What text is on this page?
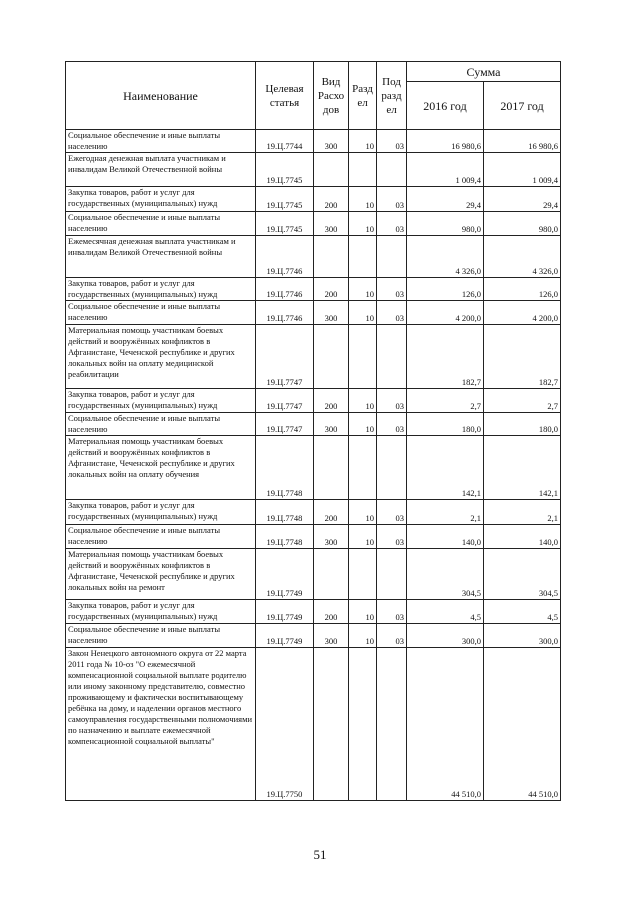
Наименование	Целевая статья	Вид Расхо дов	Разд ел	Под разд ел	Сумма	
					2016 год	2017 год
Социальное обеспечение и иные выплаты населению	19.Ц.7744	300	10	03	16 980,6	16 980,6
Ежегодная денежная выплата участникам и инвалидам Великой Отечественной войны	19.Ц.7745				1 009,4	1 009,4
Закупка товаров, работ и услуг для государственных (муниципальных) нужд	19.Ц.7745	200	10	03	29,4	29,4
Социальное обеспечение и иные выплаты населению	19.Ц.7745	300	10	03	980,0	980,0
Ежемесячная денежная выплата участникам и инвалидам Великой Отечественной войны	19.Ц.7746				4 326,0	4 326,0
Закупка товаров, работ и услуг для государственных (муниципальных) нужд	19.Ц.7746	200	10	03	126,0	126,0
Социальное обеспечение и иные выплаты населению	19.Ц.7746	300	10	03	4 200,0	4 200,0
Материальная помощь участникам боевых действий и вооружённых конфликтов в Афганистане, Чеченской республике и других локальных войн на оплату медицинской реабилитации	19.Ц.7747				182,7	182,7
Закупка товаров, работ и услуг для государственных (муниципальных) нужд	19.Ц.7747	200	10	03	2,7	2,7
Социальное обеспечение и иные выплаты населению	19.Ц.7747	300	10	03	180,0	180,0
Материальная помощь участникам боевых действий и вооружённых конфликтов в Афганистане, Чеченской республике и других локальных войн на оплату обучения	19.Ц.7748				142,1	142,1
Закупка товаров, работ и услуг для государственных (муниципальных) нужд	19.Ц.7748	200	10	03	2,1	2,1
Социальное обеспечение и иные выплаты населению	19.Ц.7748	300	10	03	140,0	140,0
Материальная помощь участникам боевых действий и вооружённых конфликтов в Афганистане, Чеченской республике и других локальных войн на ремонт	19.Ц.7749				304,5	304,5
Закупка товаров, работ и услуг для государственных (муниципальных) нужд	19.Ц.7749	200	10	03	4,5	4,5
Социальное обеспечение и иные выплаты населению	19.Ц.7749	300	10	03	300,0	300,0
Закон Ненецкого автономного округа от 22 марта 2011 года № 10-оз "О ежемесячной компенсационной социальной выплате родителю или иному законному представителю, совместно проживающему и фактически воспитывающему ребёнка на дому, и наделении органов местного самоуправления государственными полномочиями по назначению и выплате ежемесячной компенсационной социальной выплаты"	19.Ц.7750				44 510,0	44 510,0
51
